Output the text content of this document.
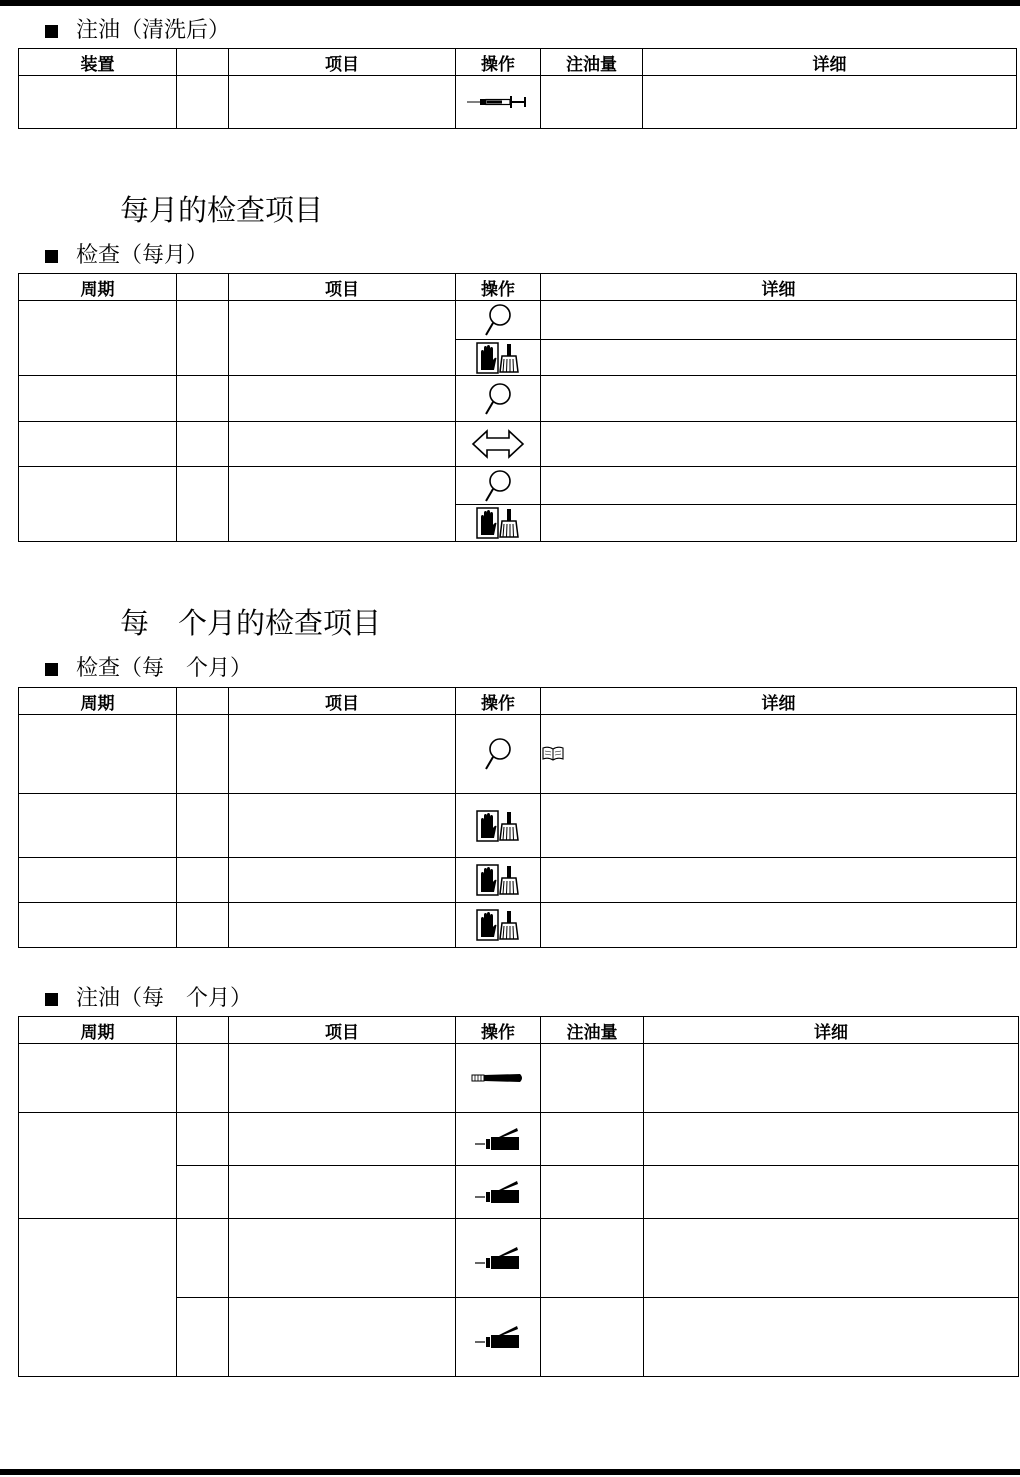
注油（清洗后）
装置		项目	操作	注油量	详细

每月的检查项目
检查（每月）
周期		项目	操作	详细

每　个月的检查项目
检查（每　个月）
周期		项目	操作	详细

注油（每　个月）
周期		项目	操作	注油量	详细
